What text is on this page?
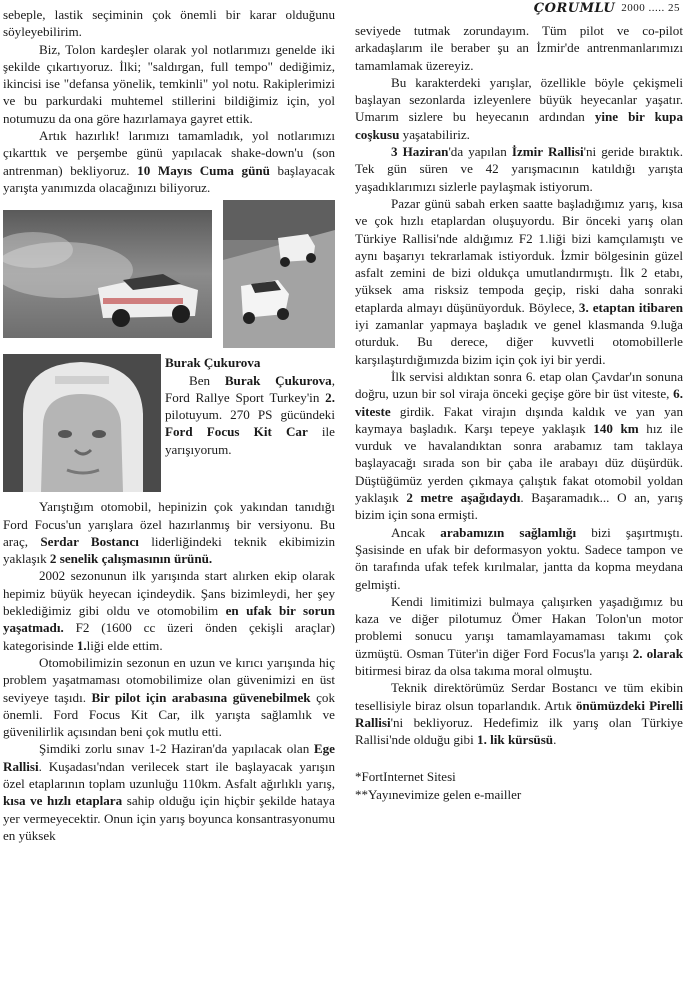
ÇORUMLU 2000 ..... 25

sebeple, lastik seçiminin çok önemli bir karar olduğunu söyleyebilirim.

Biz, Tolon kardeşler olarak yol notlarımızı genelde iki şekilde çıkartıyoruz. İlki; "saldırgan, full tempo" dediğimiz, ikincisi ise "defansa yönelik, temkinli" yol notu. Rakiplerimizi ve bu parkurdaki muhtemel stillerini bildiğimiz için, yol notumuzu da ona göre hazırlamaya gayret ettik.

Artık hazırlık! larımızı tamamladık, yol notlarımızı çıkarttık ve perşembe günü yapılacak shake-down'u (son antrenman) bekliyoruz. 10 Mayıs Cuma günü başlayacak yarışta yanımızda olacağınızı biliyoruz.

Burak Çukurova
Ben Burak Çukurova, Ford Rallye Sport Turkey'in 2. pilotuyum. 270 PS gücündeki Ford Focus Kit Car ile yarışıyorum.

Yarıştığım otomobil, hepinizin çok yakından tanıdığı Ford Focus'un yarışlara özel hazırlanmış bir versiyonu. Bu araç, Serdar Bostancı liderliğindeki teknik ekibimizin yaklaşık 2 senelik çalışmasının ürünü.

2002 sezonunun ilk yarışında start alırken ekip olarak hepimiz büyük heyecan içindeydik. Şans bizimleydi, her şey beklediğimiz gibi oldu ve otomobilim en ufak bir sorun yaşatmadı. F2 (1600 cc üzeri önden çekişli araçlar) kategorisinde 1.liği elde ettim.

Otomobilimizin sezonun en uzun ve kırıcı yarışında hiç problem yaşatmaması otomobilimize olan güvenimizi en üst seviyeye taşıdı. Bir pilot için arabasına güvenebilmek çok önemli. Ford Focus Kit Car, ilk yarışta sağlamlık ve güvenilirlik açısından beni çok mutlu etti.

Şimdiki zorlu sınav 1-2 Haziran'da yapılacak olan Ege Rallisi. Kuşadası'ndan verilecek start ile başlayacak yarışın özel etaplarının toplam uzunluğu 110km. Asfalt ağırlıklı yarış, kısa ve hızlı etaplara sahip olduğu için hiçbir şekilde hataya yer vermeyecektir. Onun için yarış boyunca konsantrasyonumu en yüksek

seviyede tutmak zorundayım. Tüm pilot ve co-pilot arkadaşlarım ile beraber şu an İzmir'de antrenmanlarımızı tamamlamak üzereyiz.

Bu karakterdeki yarışlar, özellikle böyle çekişmeli başlayan sezonlarda izleyenlere büyük heyecanlar yaşatır. Umarım sizlere bu heyecanın ardından yine bir kupa coşkusu yaşatabiliriz.

3 Haziran'da yapılan İzmir Rallisi'ni geride bıraktık. Tek gün süren ve 42 yarışmacının katıldığı yarışta yaşadıklarımızı sizlerle paylaşmak istiyorum.

Pazar günü sabah erken saatte başladığımız yarış, kısa ve çok hızlı etaplardan oluşuyordu. Bir önceki yarış olan Türkiye Rallisi'nde aldığımız F2 1.liği bizi kamçılamıştı ve aynı başarıyı tekrarlamak istiyorduk. İzmir bölgesinin güzel asfalt zemini de bizi oldukça umutlandırmıştı. İlk 2 etabı, yüksek ama risksiz tempoda geçip, riski daha sonraki etaplarda almayı düşünüyorduk. Böylece, 3. etaptan itibaren iyi zamanlar yapmaya başladık ve genel klasmanda 9.luğa oturduk. Bu derece, diğer kuvvetli otomobillerle karşılaştırdığımızda bizim için çok iyi bir yerdi.

İlk servisi aldıktan sonra 6. etap olan Çavdar'ın sonuna doğru, uzun bir sol viraja önceki geçişe göre bir üst viteste, 6. viteste girdik. Fakat virajın dışında kaldık ve yan yan kaymaya başladık. Karşı tepeye yaklaşık 140 km hız ile vurduk ve havalandıktan sonra arabamız tam taklaya başlayacağı sırada son bir çaba ile arabayı düz düşürdük. Düştüğümüz yerden çıkmaya çalıştık fakat otomobil yoldan yaklaşık 2 metre aşağıdaydı. Başaramadık... O an, yarış bizim için sona ermişti.

Ancak arabamızın sağlamlığı bizi şaşırtmıştı. Şasisinde en ufak bir deformasyon yoktu. Sadece tampon ve ön tarafında ufak tefek kırılmalar, jantta da kopma meydana gelmişti.

Kendi limitimizi bulmaya çalışırken yaşadığımız bu kaza ve diğer pilotumuz Ömer Hakan Tolon'un motor problemi sonucu yarışı tamamlayamaması takımı çok üzmüştü. Osman Tüter'in diğer Ford Focus'la yarışı 2. olarak bitirmesi biraz da olsa takıma moral olmuştu.

Teknik direktörümüz Serdar Bostancı ve tüm ekibin tesellisiyle biraz olsun toparlandık. Artık önümüzdeki Pirelli Rallisi'ni bekliyoruz. Hedefimiz ilk yarış olan Türkiye Rallisi'nde olduğu gibi 1. lik kürsüsü.

*FortInternet Sitesi
**Yayınevimize gelen e-mailler
